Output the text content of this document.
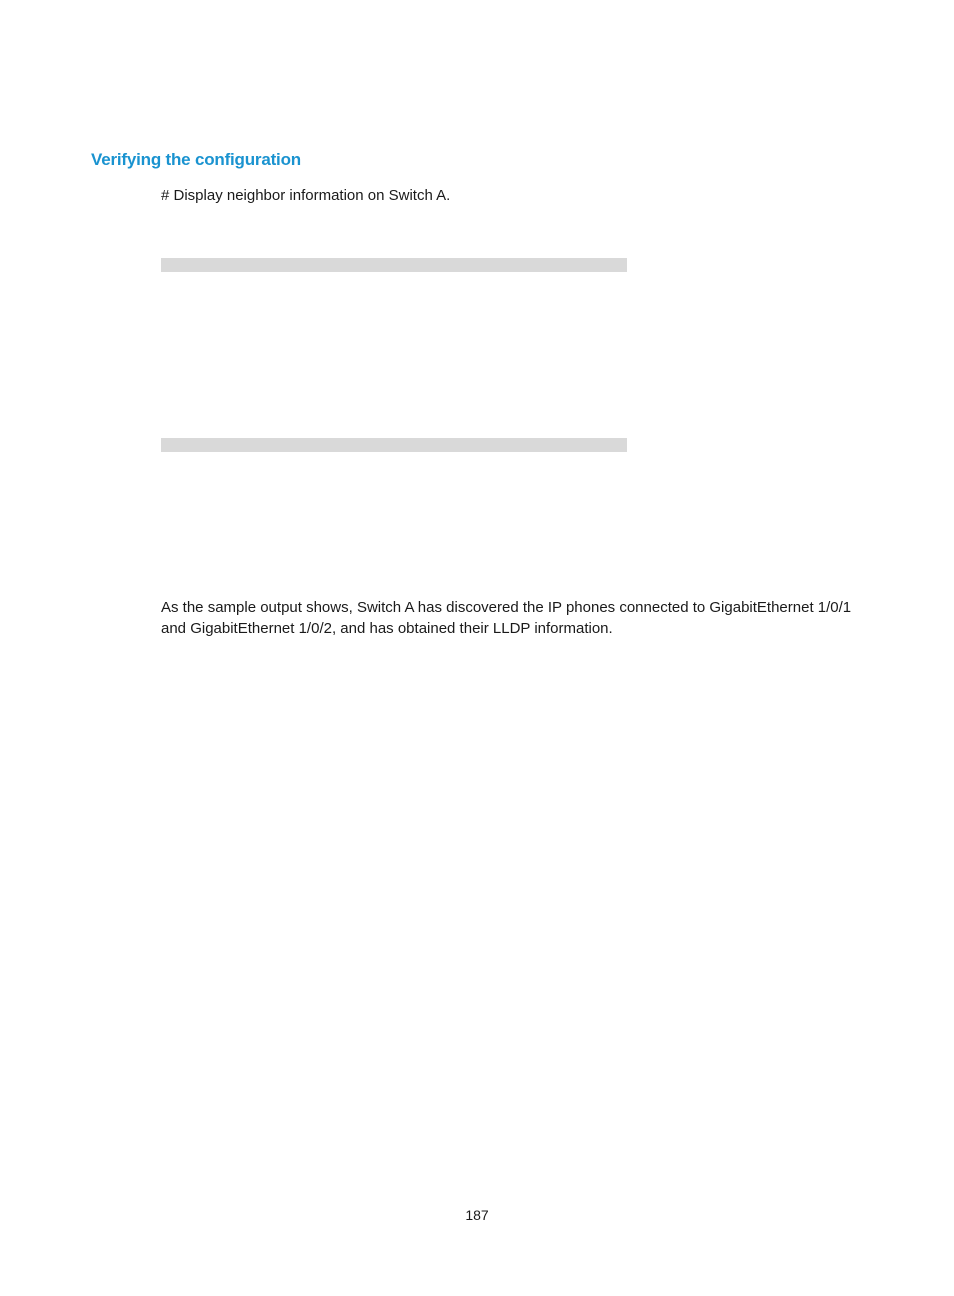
Verifying the configuration

# Display neighbor information on Switch A.

As the sample output shows, Switch A has discovered the IP phones connected to GigabitEthernet 1/0/1
and GigabitEthernet 1/0/2, and has obtained their LLDP information.

187
